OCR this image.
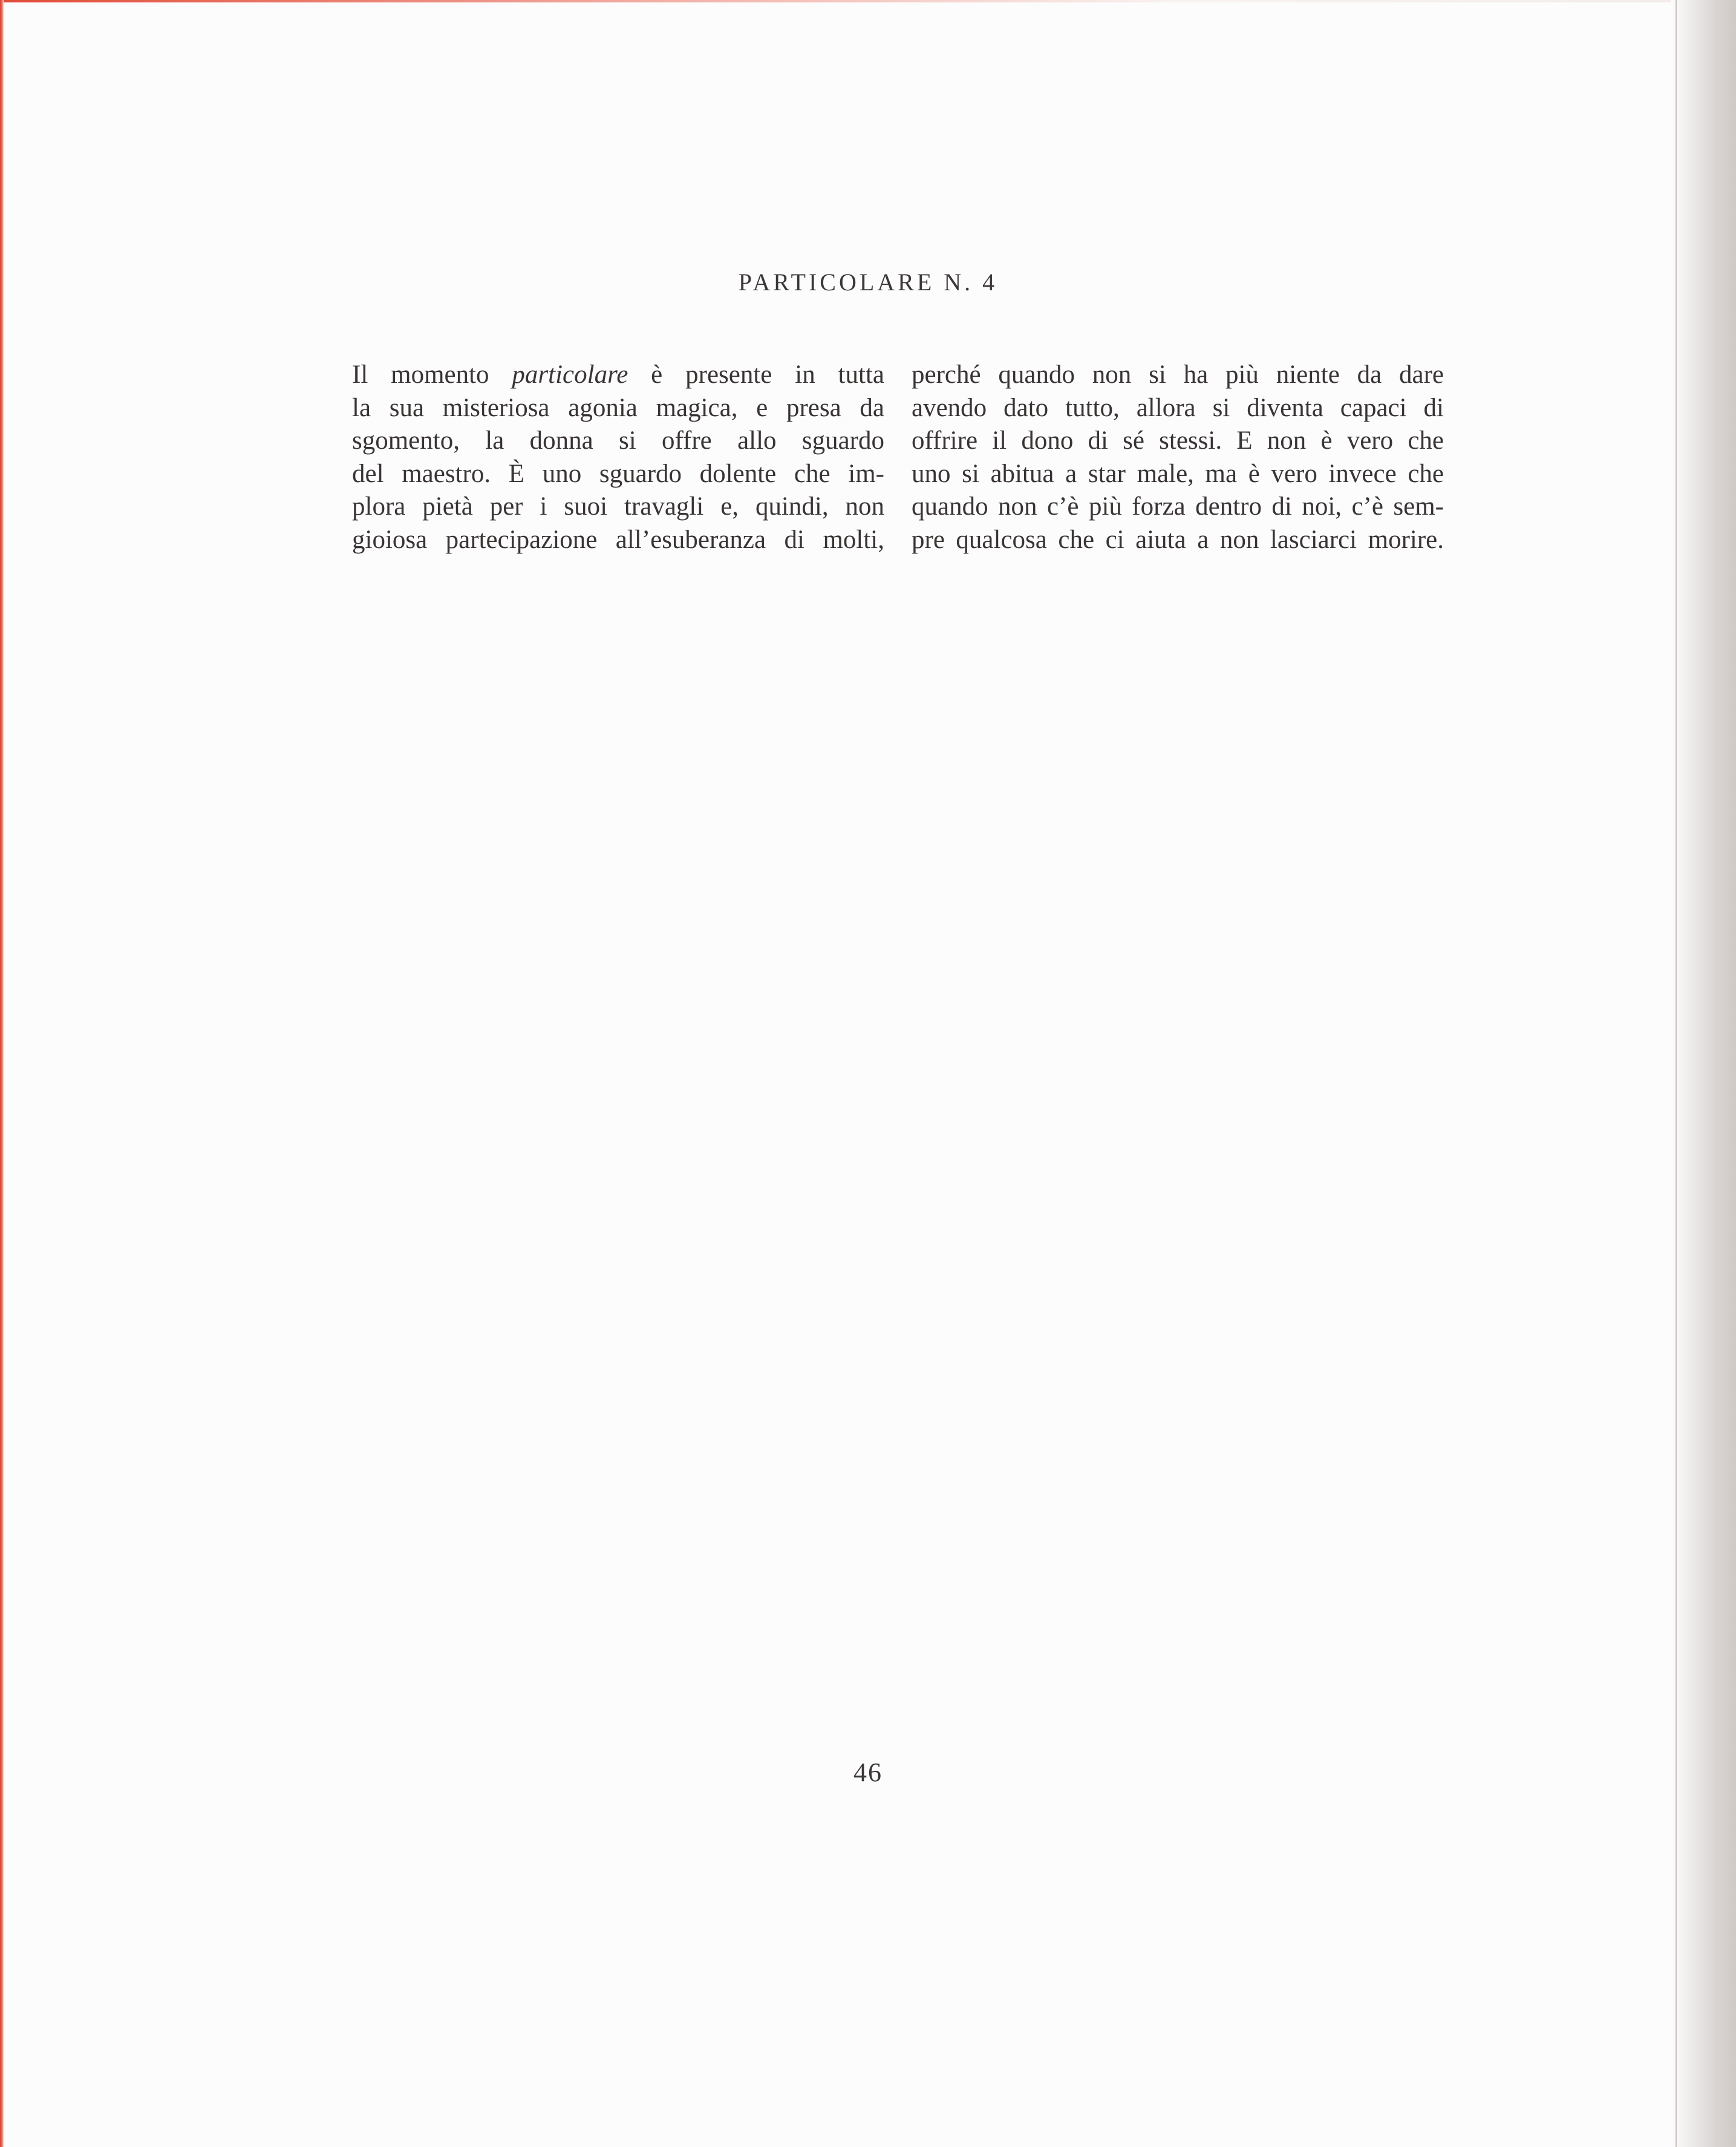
PARTICOLARE N. 4
Il momento particolare è presente in tutta
la sua misteriosa agonia magica, e presa da
sgomento, la donna si offre allo sguardo
del maestro. È uno sguardo dolente che im-
plora pietà per i suoi travagli e, quindi, non
gioiosa partecipazione all’esuberanza di molti,
perché quando non si ha più niente da dare
avendo dato tutto, allora si diventa capaci di
offrire il dono di sé stessi. E non è vero che
uno si abitua a star male, ma è vero invece che
quando non c’è più forza dentro di noi, c’è sem-
pre qualcosa che ci aiuta a non lasciarci morire.
46
